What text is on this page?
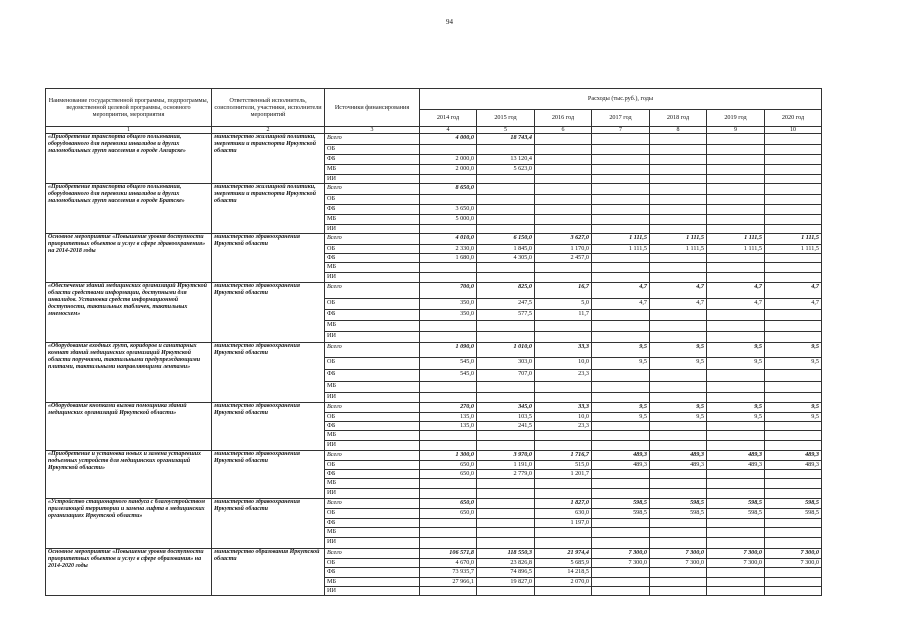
94
Наименование государственной программы, подпрограммы, ведомственной целевой программы, основного мероприятия, мероприятия	Ответственный исполнитель, соисполнители, участники, исполнители мероприятий	Источники финансирования	Расходы (тыс.руб.), годы						
			2014 год	2015 год	2016 год	2017 год	2018 год	2019 год	2020 год
1	2	3	4	5	6	7	8	9	10
«Приобретение транспорта общего пользования, оборудованного для перевозки инвалидов и других маломобильных групп населения в городе Ангарске»	министерство жилищной политики, энергетики и транспорта Иркутской области	Всего	4 000,0	18 743,4					
		ОБ							
		ФБ	2 000,0	13 120,4					
		МБ	2 000,0	5 623,0					
		ИИ							
«Приобретение транспорта общего пользования, оборудованного для перевозки инвалидов и других маломобильных групп населения в городе Братске»	министерство жилищной политики, энергетики и транспорта Иркутской области	Всего	8 650,0						
		ОБ							
		ФБ	3 650,0						
		МБ	5 000,0						
		ИИ							
Основное мероприятие «Повышение уровня доступности приоритетных объектов и услуг в сфере здравоохранения» на 2014-2018 годы	министерство здравоохранения Иркутской области	Всего	4 010,0	6 150,0	3 627,0	1 111,5	1 111,5	1 111,5	1 111,5
		ОБ	2 330,0	1 845,0	1 170,0	1 111,5	1 111,5	1 111,5	1 111,5
		ФБ	1 680,0	4 305,0	2 457,0				
		МБ							
		ИИ							
«Обеспечение зданий медицинских организаций Иркутской области средствами информации, доступными для инвалидов. Установка средств информационной доступности, тактильных табличек, тактильных мнемосхем»	министерство здравоохранения Иркутской области	Всего	700,0	825,0	16,7	4,7	4,7	4,7	4,7
		ОБ	350,0	247,5	5,0	4,7	4,7	4,7	4,7
		ФБ	350,0	577,5	11,7				
		МБ							
		ИИ							
«Оборудование входных групп, коридоров и санитарных комнат зданий медицинских организаций Иркутской области поручнями, тактильными предупреждающими плитами, тактильными направляющими лентами»	министерство здравоохранения Иркутской области	Всего	1 090,0	1 010,0	33,3	9,5	9,5	9,5	9,5
		ОБ	545,0	303,0	10,0	9,5	9,5	9,5	9,5
		ФБ	545,0	707,0	23,3				
		МБ							
		ИИ							
«Оборудование кнопками вызова помощника зданий медицинских организаций Иркутской области»	министерство здравоохранения Иркутской области	Всего	270,0	345,0	33,3	9,5	9,5	9,5	9,5
		ОБ	135,0	103,5	10,0	9,5	9,5	9,5	9,5
		ФБ	135,0	241,5	23,3				
		МБ							
		ИИ							
«Приобретение и установка новых и замена устаревших подъемных устройств для медицинских организаций Иркутской области»	министерство здравоохранения Иркутской области	Всего	1 300,0	3 970,0	1 716,7	489,3	489,3	489,3	489,3
		ОБ	650,0	1 191,0	515,0	489,3	489,3	489,3	489,3
		ФБ	650,0	2 779,0	1 201,7				
		МБ							
		ИИ							
«Устройство стационарного пандуса с благоустройством прилегающей территории и замена лифта в медицинских организациях Иркутской области»	министерство здравоохранения Иркутской области	Всего	650,0		1 827,0	598,5	598,5	598,5	598,5
		ОБ	650,0		630,0	598,5	598,5	598,5	598,5
		ФБ			1 197,0				
		МБ							
		ИИ							
Основное мероприятие «Повышение уровня доступности приоритетных объектов и услуг в сфере образования» на 2014-2020 годы	министерство образования Иркутской области	Всего	106 571,8	118 550,3	21 974,4	7 300,0	7 300,0	7 300,0	7 300,0
		ОБ	4 670,0	23 826,8	5 685,9	7 300,0	7 300,0	7 300,0	7 300,0
		ФБ	73 935,7	74 896,5	14 218,5				
		МБ	27 966,1	19 827,0	2 070,0				
		ИИ							
